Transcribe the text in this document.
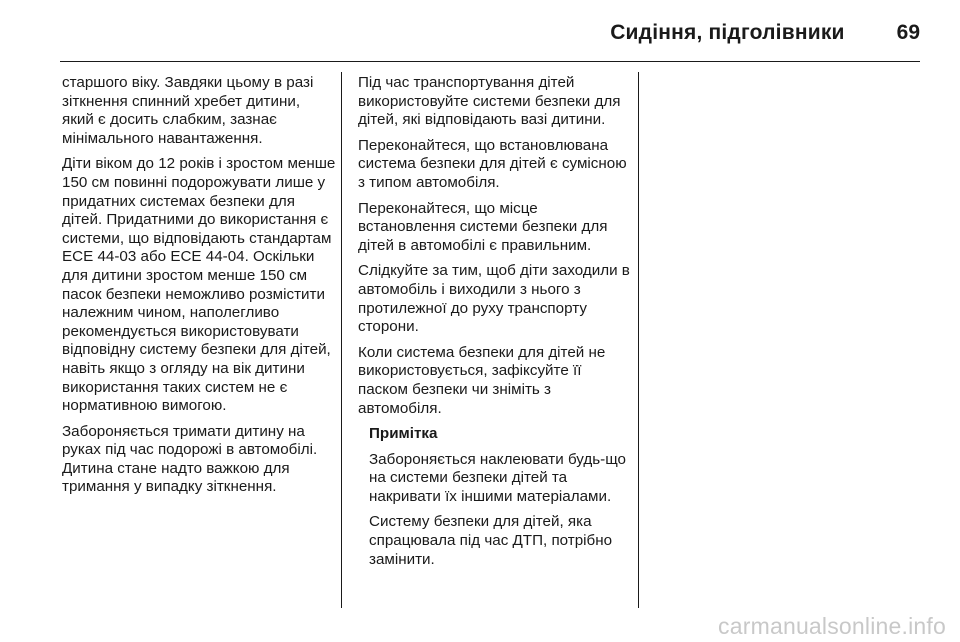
Сидіння, підголівники 69

старшого віку. Завдяки цьому в разі зіткнення спинний хребет дитини, який є досить слабким, зазнає мінімального навантаження.

Діти віком до 12 років і зростом менше 150 см повинні подорожувати лише у придатних системах безпеки для дітей. Придатними до використання є системи, що відповідають стандартам ЕСЕ 44-03 або ЕСЕ 44-04. Оскільки для дитини зростом менше 150 см пасок безпеки неможливо розмістити належним чином, наполегливо рекомендується використовувати відповідну систему безпеки для дітей, навіть якщо з огляду на вік дитини використання таких систем не є нормативною вимогою.

Забороняється тримати дитину на руках під час подорожі в автомобілі. Дитина стане надто важкою для тримання у випадку зіткнення.

Під час транспортування дітей використовуйте системи безпеки для дітей, які відповідають вазі дитини.

Переконайтеся, що встановлювана система безпеки для дітей є сумісною з типом автомобіля.

Переконайтеся, що місце встановлення системи безпеки для дітей в автомобілі є правильним.

Слідкуйте за тим, щоб діти заходили в автомобіль і виходили з нього з протилежної до руху транспорту сторони.

Коли система безпеки для дітей не використовується, зафіксуйте її паском безпеки чи зніміть з автомобіля.

Примітка

Забороняється наклеювати будь-що на системи безпеки дітей та накривати їх іншими матеріалами.

Систему безпеки для дітей, яка спрацювала під час ДТП, потрібно замінити.

carmanualsonline.info
